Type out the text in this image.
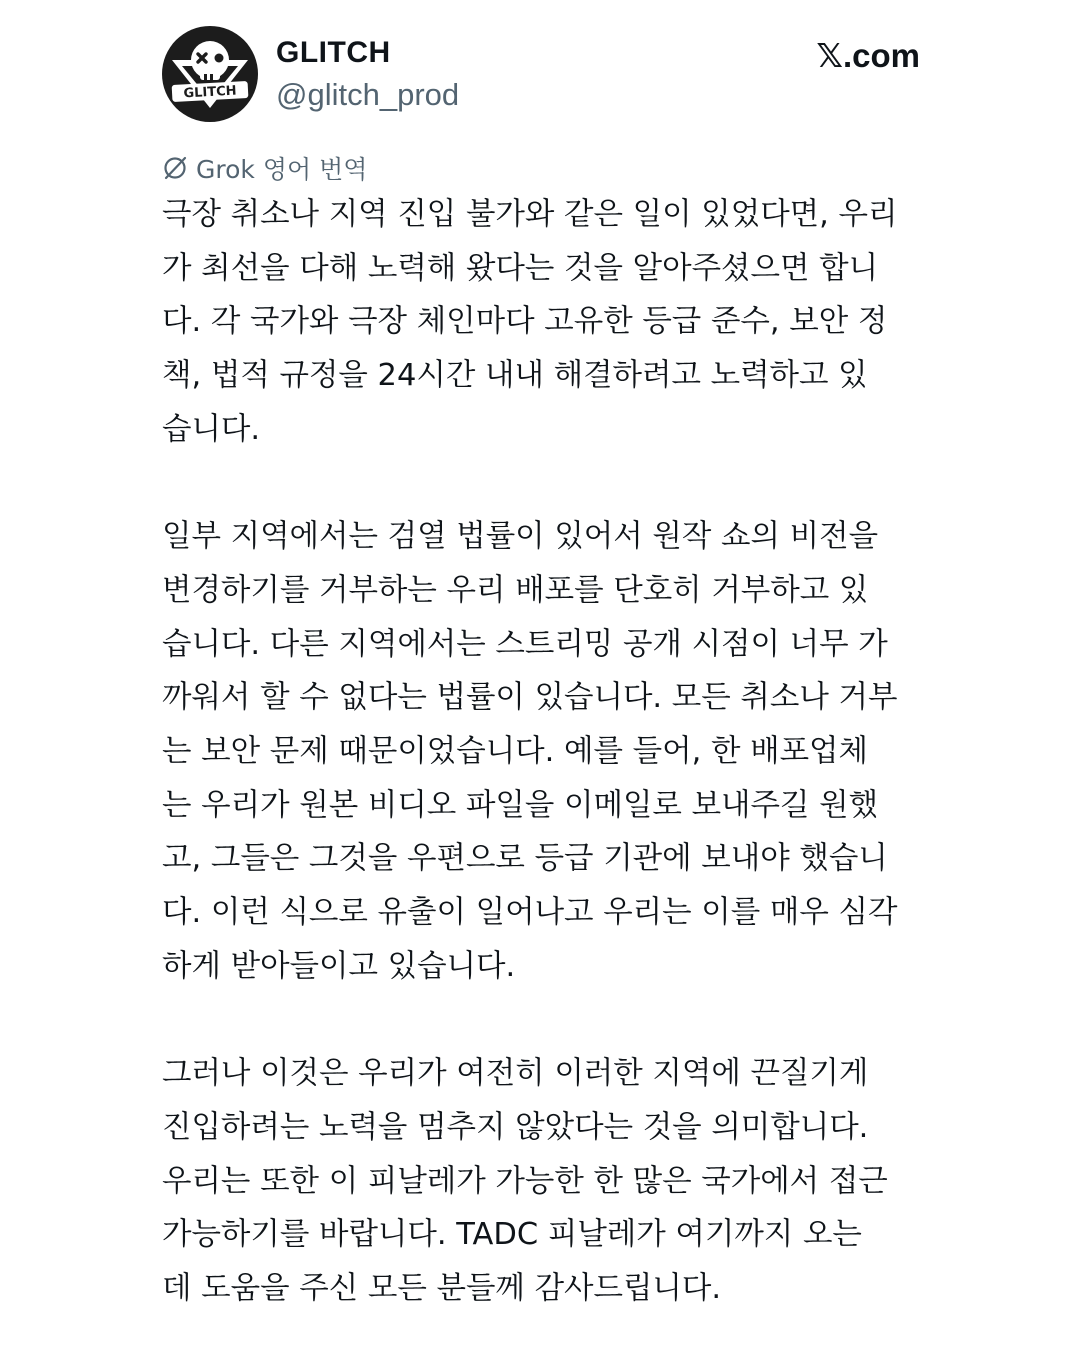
GLITCH
GLITCH
@glitch_prod
𝕏.com
Grok 영어 번역

극장 취소나 지역 진입 불가와 같은 일이 있었다면, 우리
가 최선을 다해 노력해 왔다는 것을 알아주셨으면 합니
다. 각 국가와 극장 체인마다 고유한 등급 준수, 보안 정
책, 법적 규정을 24시간 내내 해결하려고 노력하고 있
습니다.

일부 지역에서는 검열 법률이 있어서 원작 쇼의 비전을
변경하기를 거부하는 우리 배포를 단호히 거부하고 있
습니다. 다른 지역에서는 스트리밍 공개 시점이 너무 가
까워서 할 수 없다는 법률이 있습니다. 모든 취소나 거부
는 보안 문제 때문이었습니다. 예를 들어, 한 배포업체
는 우리가 원본 비디오 파일을 이메일로 보내주길 원했
고, 그들은 그것을 우편으로 등급 기관에 보내야 했습니
다. 이런 식으로 유출이 일어나고 우리는 이를 매우 심각
하게 받아들이고 있습니다.

그러나 이것은 우리가 여전히 이러한 지역에 끈질기게
진입하려는 노력을 멈추지 않았다는 것을 의미합니다.
우리는 또한 이 피날레가 가능한 한 많은 국가에서 접근
가능하기를 바랍니다. TADC 피날레가 여기까지 오는
데 도움을 주신 모든 분들께 감사드립니다.
